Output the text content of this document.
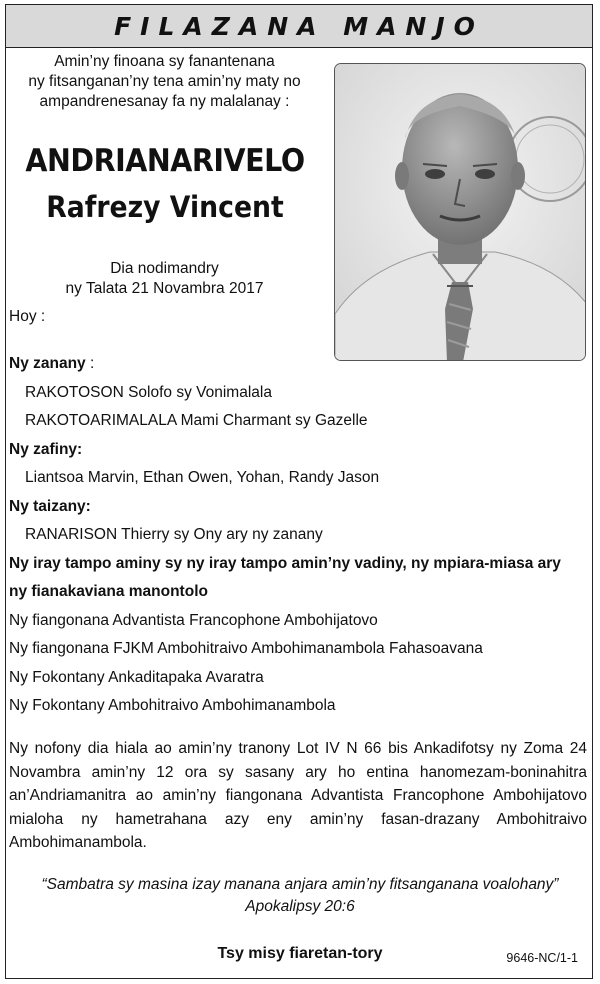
FILAZANA MANJO
Amin’ny finoana sy fanantenana
ny fitsanganan’ny tena amin’ny maty no
ampandrenesanay fa ny malalanay :
ANDRIANARIVELO
Rafrezy Vincent
Dia nodimandry
ny Talata 21 Novambra 2017
Hoy :
Ny zanany :
RAKOTOSON Solofo sy Vonimalala
RAKOTOARIMALALA Mami Charmant sy Gazelle
Ny zafiny:
Liantsoa Marvin, Ethan Owen, Yohan, Randy Jason
Ny taizany:
RANARISON Thierry sy Ony ary ny zanany
Ny iray tampo aminy sy ny iray tampo amin’ny vadiny, ny mpiara-miasa ary
ny fianakaviana manontolo
Ny fiangonana Advantista Francophone Ambohijatovo
Ny fiangonana FJKM Ambohitraivo Ambohimanambola Fahasoavana
Ny Fokontany Ankaditapaka Avaratra
Ny Fokontany Ambohitraivo Ambohimanambola
Ny nofony dia hiala ao amin’ny tranony Lot IV N 66 bis Ankadifotsy ny Zoma 24 Novambra amin’ny 12 ora sy sasany ary ho entina hanomezam-boninahitra an’Andriamanitra ao amin’ny fiangonana Advantista Francophone Ambohijatovo mialoha ny hametrahana azy eny amin’ny fasan-drazany Ambohitraivo Ambohimanambola.
“Sambatra sy masina izay manana anjara amin’ny fitsanganana voalohany”
Apokalipsy 20:6
Tsy misy fiaretan-tory	9646-NC/1-1
